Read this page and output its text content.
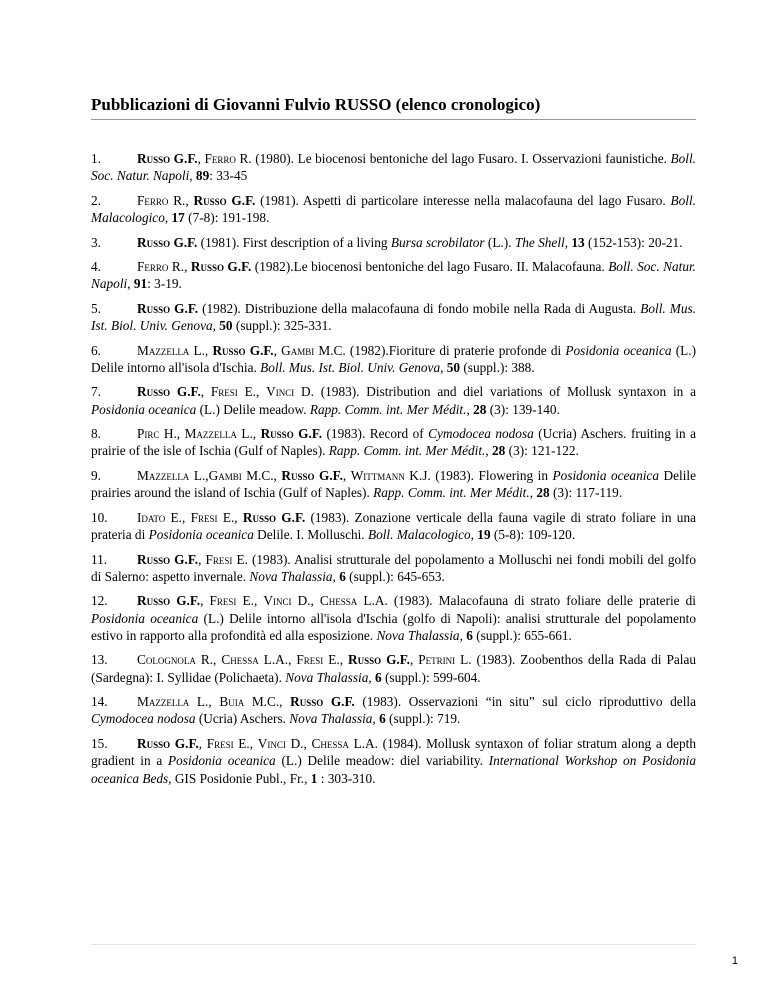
Pubblicazioni di Giovanni Fulvio RUSSO (elenco cronologico)

1.	Russo G.F., Ferro R. (1980). Le biocenosi bentoniche del lago Fusaro. I. Osservazioni faunistiche. Boll. Soc. Natur. Napoli, 89: 33-45

2.	Ferro R., Russo G.F. (1981). Aspetti di particolare interesse nella malacofauna del lago Fusaro. Boll. Malacologico, 17 (7-8): 191-198.

3.	Russo G.F. (1981). First description of a living Bursa scrobilator (L.). The Shell, 13 (152-153): 20-21.

4.	Ferro R., Russo G.F. (1982).Le biocenosi bentoniche del lago Fusaro. II. Malacofauna. Boll. Soc. Natur. Napoli, 91: 3-19.

5.	Russo G.F. (1982). Distribuzione della malacofauna di fondo mobile nella Rada di Augusta. Boll. Mus. Ist. Biol. Univ. Genova, 50 (suppl.): 325-331.

6.	Mazzella L., Russo G.F., Gambi M.C. (1982).Fioriture di praterie profonde di Posidonia oceanica (L.) Delile intorno all'isola d'Ischia. Boll. Mus. Ist. Biol. Univ. Genova, 50 (suppl.): 388.

7.	Russo G.F., Fresi E., Vinci D. (1983). Distribution and diel variations of Mollusk syntaxon in a Posidonia oceanica (L.) Delile meadow. Rapp. Comm. int. Mer Médit., 28 (3): 139-140.

8.	Pirc H., Mazzella L., Russo G.F. (1983). Record of Cymodocea nodosa (Ucria) Aschers. fruiting in a prairie of the isle of Ischia (Gulf of Naples). Rapp. Comm. int. Mer Médit., 28 (3): 121-122.

9.	Mazzella L.,Gambi M.C., Russo G.F., Wittmann K.J. (1983). Flowering in Posidonia oceanica Delile prairies around the island of Ischia (Gulf of Naples). Rapp. Comm. int. Mer Médit., 28 (3): 117-119.

10. Idato E., Fresi E., Russo G.F. (1983). Zonazione verticale della fauna vagile di strato foliare in una prateria di Posidonia oceanica Delile. I. Molluschi. Boll. Malacologico, 19 (5-8): 109-120.

11. Russo G.F., Fresi E. (1983). Analisi strutturale del popolamento a Molluschi nei fondi mobili del golfo di Salerno: aspetto invernale. Nova Thalassia, 6 (suppl.): 645-653.

12. Russo G.F., Fresi E., Vinci D., Chessa L.A. (1983). Malacofauna di strato foliare delle praterie di Posidonia oceanica (L.) Delile intorno all'isola d'Ischia (golfo di Napoli): analisi strutturale del popolamento estivo in rapporto alla profondità ed alla esposizione. Nova Thalassia, 6 (suppl.): 655-661.

13. Colognola R., Chessa L.A., Fresi E., Russo G.F., Petrini L. (1983). Zoobenthos della Rada di Palau (Sardegna): I. Syllidae (Polichaeta). Nova Thalassia, 6 (suppl.): 599-604.

14. Mazzella L., Buia M.C., Russo G.F. (1983). Osservazioni “in situ” sul ciclo riproduttivo della Cymodocea nodosa (Ucria) Aschers. Nova Thalassia, 6 (suppl.): 719.

15. Russo G.F., Fresi E., Vinci D., Chessa L.A. (1984). Mollusk syntaxon of foliar stratum along a depth gradient in a Posidonia oceanica (L.) Delile meadow: diel variability. International Workshop on Posidonia oceanica Beds, GIS Posidonie Publ., Fr., 1 : 303-310.

1
